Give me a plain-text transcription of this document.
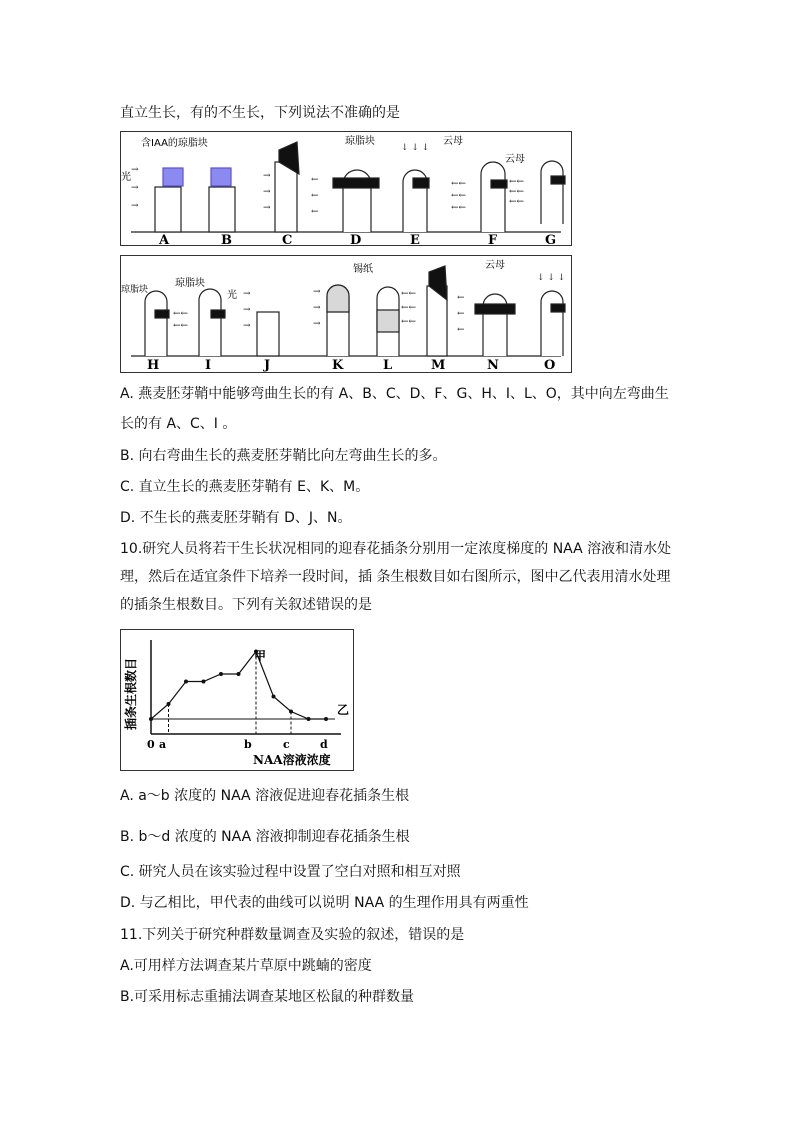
直立生长，有的不生长，下列说法不准确的是
→
→
→
→
→
→
←
←
←
↓ ↓ ↓
←←
←←
←←
←←
←←
←←
含IAA的琼脂块	琼脂块	云母
云母
光
A	B	C	D	E	F	G
←←
←←
→
→
→
→
→
→
←←
←←
←←
←
←
←
↓ ↓ ↓
琼脂块
琼脂块
锡纸	云母
光
H	I	J	K	L	M	N	O
A. 燕麦胚芽鞘中能够弯曲生长的有 A、B、C、D、F、G、H、I、L、O，其中向左弯曲生
长的有 A、C、I 。
B. 向右弯曲生长的燕麦胚芽鞘比向左弯曲生长的多。
C. 直立生长的燕麦胚芽鞘有 E、K、M。
D. 不生长的燕麦胚芽鞘有 D、J、N。
10.研究人员将若干生长状况相同的迎春花插条分别用一定浓度梯度的 NAA 溶液和清水处理，然后在适宜条件下培养一段时间，插 条生根数目如右图所示，图中乙代表用清水处理的插条生根数目。下列有关叙述错误的是
插条生根数目
NAA溶液浓度
甲
乙
0 a	b	c	d
A. a～b 浓度的 NAA 溶液促进迎春花插条生根
B. b～d 浓度的 NAA 溶液抑制迎春花插条生根
C. 研究人员在该实验过程中设置了空白对照和相互对照
D. 与乙相比，甲代表的曲线可以说明 NAA 的生理作用具有两重性
11.下列关于研究种群数量调查及实验的叙述，错误的是
A.可用样方法调查某片草原中跳蝻的密度
B.可采用标志重捕法调查某地区松鼠的种群数量
